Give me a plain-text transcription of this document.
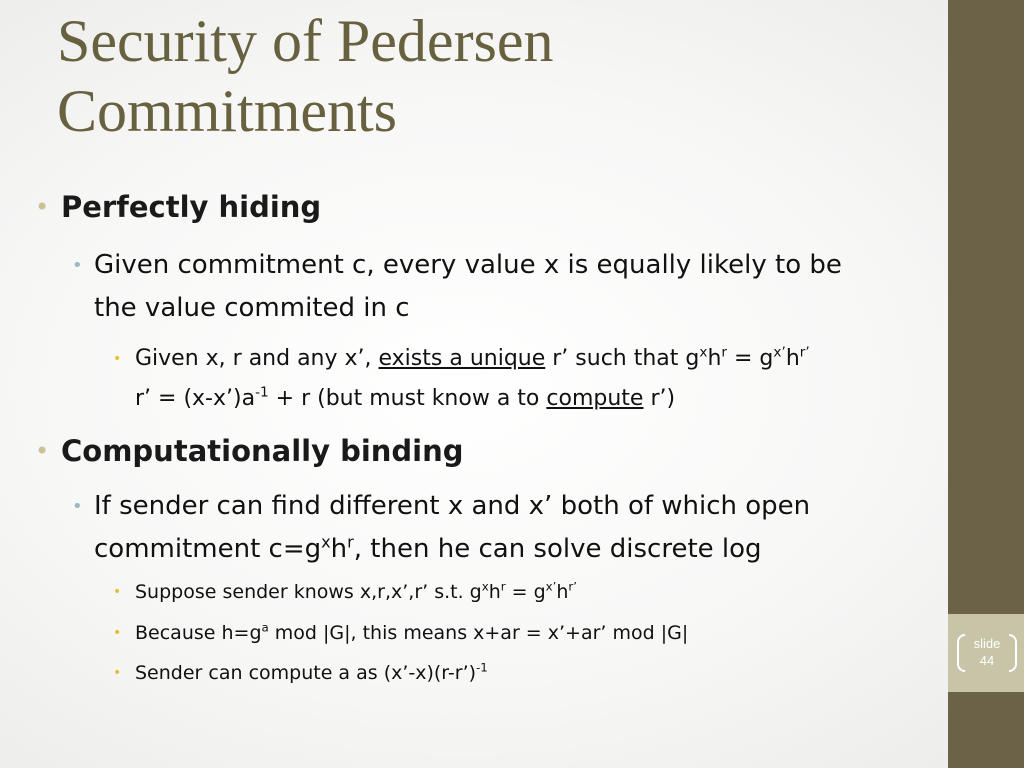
slide
44
Security of Pedersen
Commitments
• Perfectly hiding
• Given commitment c, every value x is equally likely to be
the value commited in c
• Given x, r and any x’, exists a unique r’ such that $g^xh^r = g^{x’}h^{r’}$
r’ = $(x-x’)a^{-1} + r$ (but must know a to compute r’)
• Computationally binding
• If sender can find different x and x’ both of which open
commitment $c=g^xh^r$, then he can solve discrete log
• Suppose sender knows x,r,x’,r’ s.t. $g^xh^r = g^{x’}h^{r’}$
• Because $h=g^a$ mod |G|, this means x+ar = x’+ar’ mod |G|
• Sender can compute a as (x’-x)(r-r’)$^{-1}$
